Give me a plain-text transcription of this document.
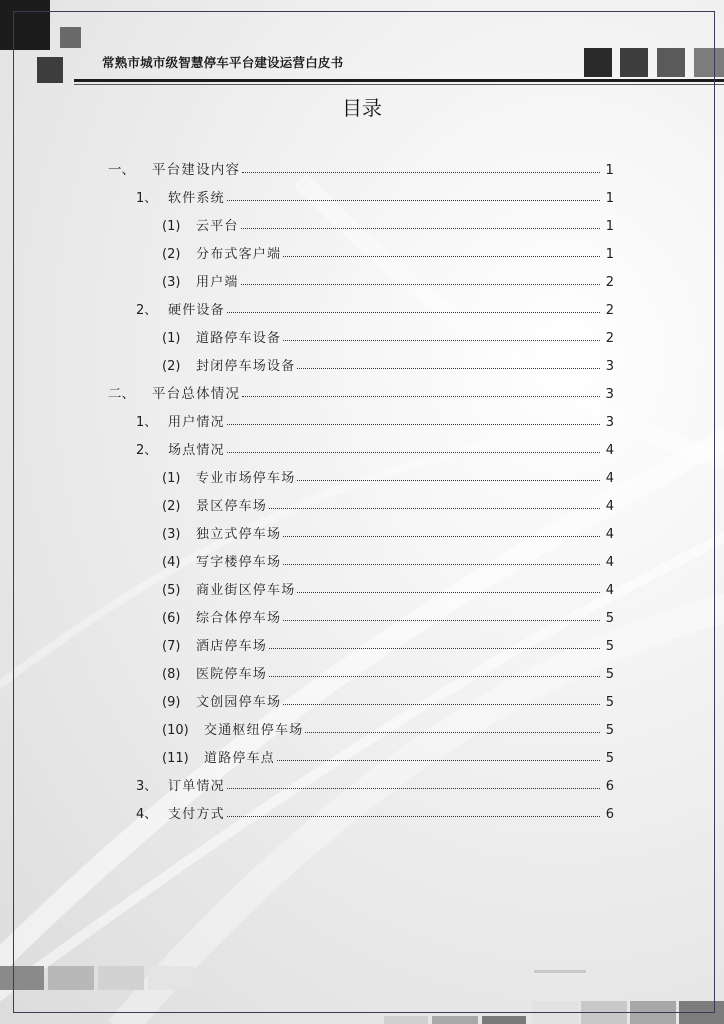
常熟市城市级智慧停车平台建设运营白皮书
目录
一、	平台建设内容	1
1、 软件系统	1
(1)	云平台	1
(2)	分布式客户端	1
(3)	用户端	2
2、 硬件设备	2
(1)	道路停车设备	2
(2)	封闭停车场设备	3
二、	平台总体情况	3
1、 用户情况	3
2、 场点情况	4
(1)	专业市场停车场	4
(2)	景区停车场	4
(3)	独立式停车场	4
(4)	写字楼停车场	4
(5)	商业街区停车场	4
(6)	综合体停车场	5
(7)	酒店停车场	5
(8)	医院停车场	5
(9)	文创园停车场	5
(10)	交通枢纽停车场	5
(11)	道路停车点	5
3、 订单情况	6
4、 支付方式	6
